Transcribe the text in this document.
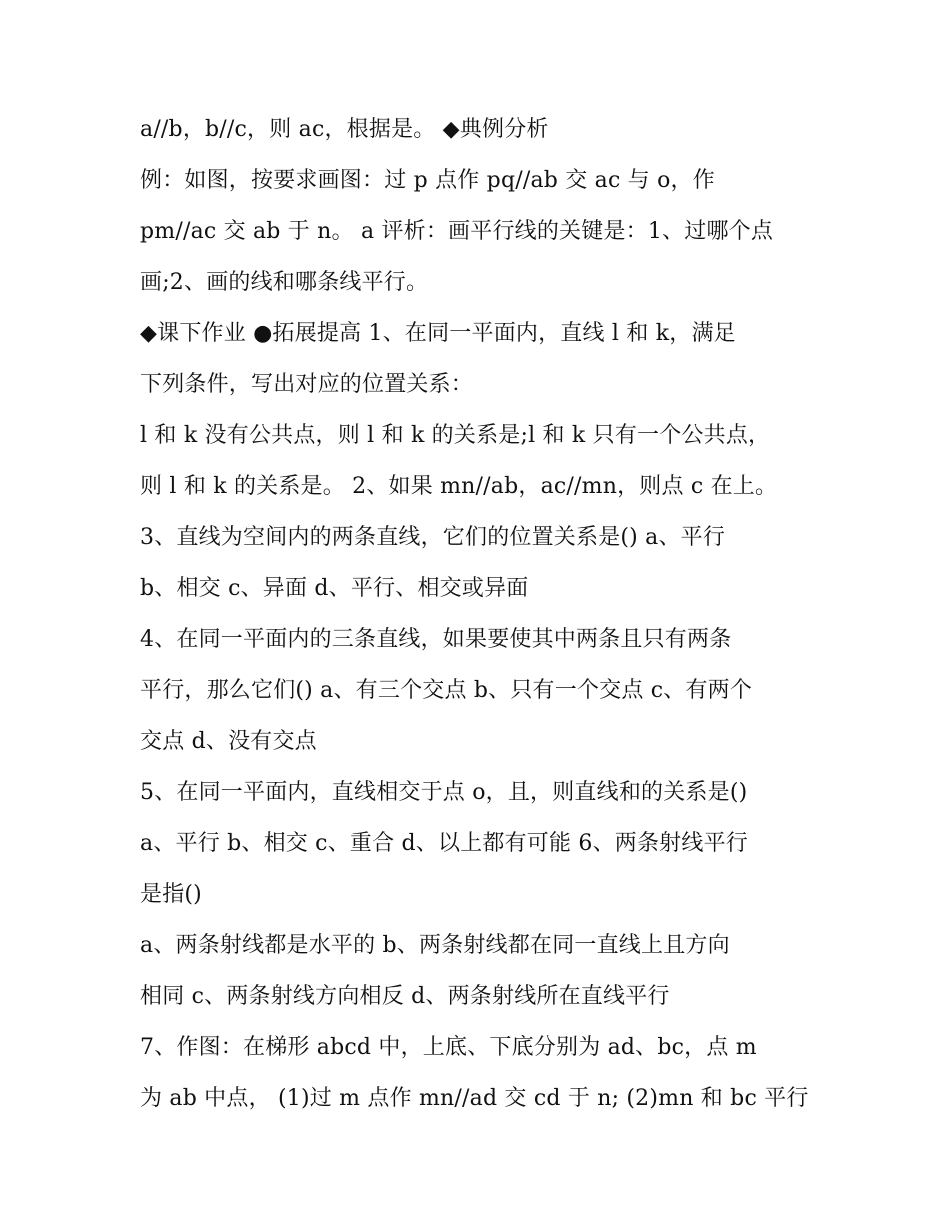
a//b，b//c，则 ac，根据是。 ◆典例分析

例：如图，按要求画图：过 p 点作 pq//ab 交 ac 与 o，作

pm//ac 交 ab 于 n。 a 评析：画平行线的关键是：1、过哪个点

画;2、画的线和哪条线平行。

◆课下作业 ●拓展提高 1、在同一平面内，直线 l 和 k，满足

下列条件，写出对应的位置关系：

l 和 k 没有公共点，则 l 和 k 的关系是;l 和 k 只有一个公共点，

则 l 和 k 的关系是。 2、如果 mn//ab，ac//mn，则点 c 在上。

3、直线为空间内的两条直线，它们的位置关系是() a、平行

b、相交 c、异面 d、平行、相交或异面

4、在同一平面内的三条直线，如果要使其中两条且只有两条

平行，那么它们() a、有三个交点 b、只有一个交点 c、有两个

交点 d、没有交点

5、在同一平面内，直线相交于点 o，且，则直线和的关系是()

a、平行 b、相交 c、重合 d、以上都有可能 6、两条射线平行

是指()

a、两条射线都是水平的 b、两条射线都在同一直线上且方向

相同 c、两条射线方向相反 d、两条射线所在直线平行

7、作图：在梯形 abcd 中，上底、下底分别为 ad、bc，点 m

为 ab 中点， (1)过 m 点作 mn//ad 交 cd 于 n; (2)mn 和 bc 平行
